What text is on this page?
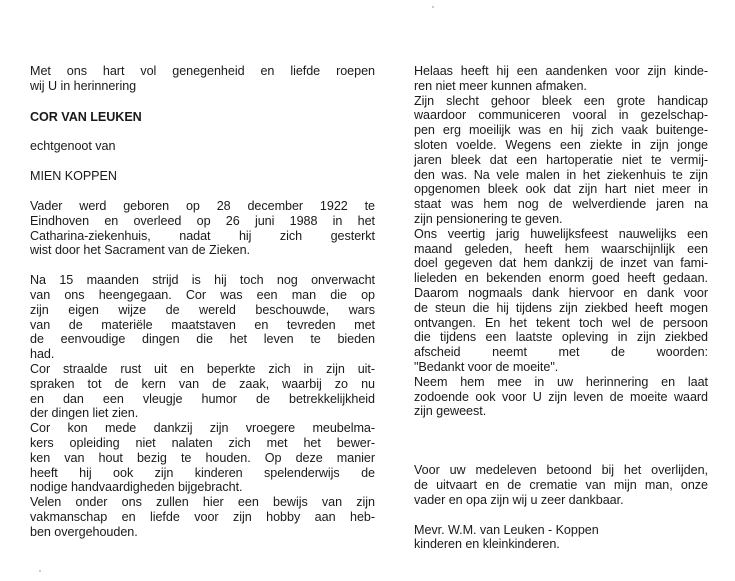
Met ons hart vol genegenheid en liefde roepen
wij U in herinnering
COR VAN LEUKEN
echtgenoot van
MIEN KOPPEN
Vader werd geboren op 28 december 1922 te
Eindhoven en overleed op 26 juni 1988 in het
Catharina-ziekenhuis, nadat hij zich gesterkt
wist door het Sacrament van de Zieken.
Na 15 maanden strijd is hij toch nog onverwacht
van ons heengegaan. Cor was een man die op
zijn eigen wijze de wereld beschouwde, wars
van de materiële maatstaven en tevreden met
de eenvoudige dingen die het leven te bieden
had.
Cor straalde rust uit en beperkte zich in zijn uit-
spraken tot de kern van de zaak, waarbij zo nu
en dan een vleugje humor de betrekkelijkheid
der dingen liet zien.
Cor kon mede dankzij zijn vroegere meubelma-
kers opleiding niet nalaten zich met het bewer-
ken van hout bezig te houden. Op deze manier
heeft hij ook zijn kinderen spelenderwijs de
nodige handvaardigheden bijgebracht.
Velen onder ons zullen hier een bewijs van zijn
vakmanschap en liefde voor zijn hobby aan heb-
ben overgehouden.
Helaas heeft hij een aandenken voor zijn kinde-
ren niet meer kunnen afmaken.
Zijn slecht gehoor bleek een grote handicap
waardoor communiceren vooral in gezelschap-
pen erg moeilijk was en hij zich vaak buitenge-
sloten voelde. Wegens een ziekte in zijn jonge
jaren bleek dat een hartoperatie niet te vermij-
den was. Na vele malen in het ziekenhuis te zijn
opgenomen bleek ook dat zijn hart niet meer in
staat was hem nog de welverdiende jaren na
zijn pensionering te geven.
Ons veertig jarig huwelijksfeest nauwelijks een
maand geleden, heeft hem waarschijnlijk een
doel gegeven dat hem dankzij de inzet van fami-
lieleden en bekenden enorm goed heeft gedaan.
Daarom nogmaals dank hiervoor en dank voor
de steun die hij tijdens zijn ziekbed heeft mogen
ontvangen. En het tekent toch wel de persoon
die tijdens een laatste opleving in zijn ziekbed
afscheid neemt met de woorden:
"Bedankt voor de moeite".
Neem hem mee in uw herinnering en laat
zodoende ook voor U zijn leven de moeite waard
zijn geweest.
Voor uw medeleven betoond bij het overlijden,
de uitvaart en de crematie van mijn man, onze
vader en opa zijn wij u zeer dankbaar.
Mevr. W.M. van Leuken - Koppen
kinderen en kleinkinderen.
